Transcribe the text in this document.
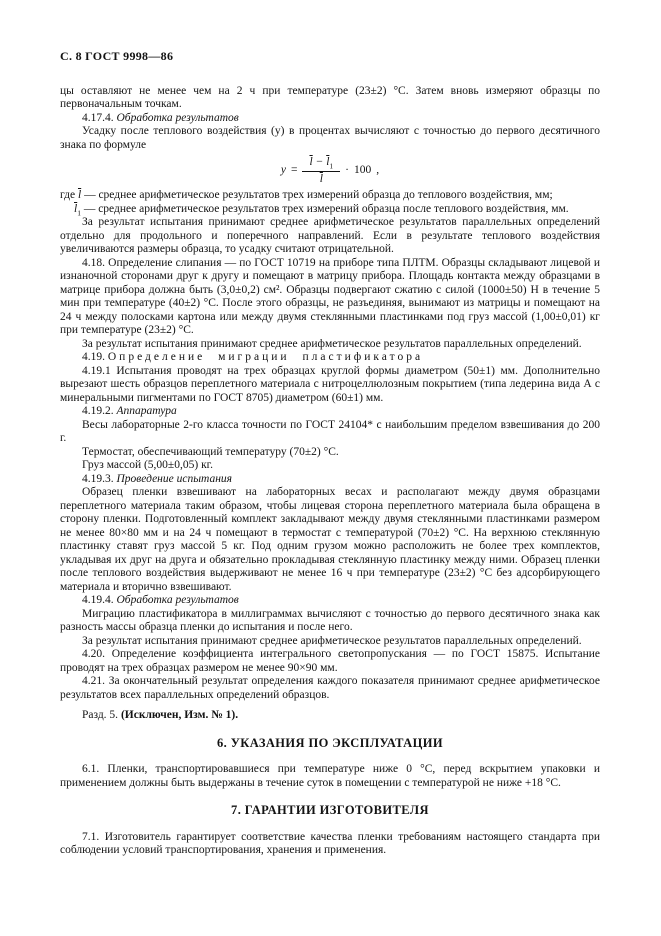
С. 8 ГОСТ 9998—86

цы оставляют не менее чем на 2 ч при температуре (23±2) °С. Затем вновь измеряют образцы по первоначальным точкам.

4.17.4. Обработка результатов

Усадку после теплового воздействия (у) в процентах вычисляют с точностью до первого десятичного знака по формуле

$y = \frac{\overline{l} - \overline{l}_1}{l} \cdot 100$ ,

где $\overline{l}$ — среднее арифметическое результатов трех измерений образца до теплового воздействия, мм;

$\overline{l}_1$ — среднее арифметическое результатов трех измерений образца после теплового воздействия, мм.

За результат испытания принимают среднее арифметическое результатов параллельных определений отдельно для продольного и поперечного направлений. Если в результате теплового воздействия увеличиваются размеры образца, то усадку считают отрицательной.

4.18. Определение слипания — по ГОСТ 10719 на приборе типа ПЛТМ. Образцы складывают лицевой и изнаночной сторонами друг к другу и помещают в матрицу прибора. Площадь контакта между образцами в матрице прибора должна быть (3,0±0,2) см². Образцы подвергают сжатию с силой (1000±50) Н в течение 5 мин при температуре (40±2) °С. После этого образцы, не разъединяя, вынимают из матрицы и помещают на 24 ч между полосками картона или между двумя стеклянными пластинками под груз массой (1,00±0,01) кг при температуре (23±2) °С.

За результат испытания принимают среднее арифметическое результатов параллельных определений.

4.19. Определение миграции пластификатора

4.19.1 Испытания проводят на трех образцах круглой формы диаметром (50±1) мм. Дополнительно вырезают шесть образцов переплетного материала с нитроцеллюлозным покрытием (типа ледерина вида А с минеральными пигментами по ГОСТ 8705) диаметром (60±1) мм.

4.19.2. Аппаратура

Весы лабораторные 2-го класса точности по ГОСТ 24104* с наибольшим пределом взвешивания до 200 г.

Термостат, обеспечивающий температуру (70±2) °С.

Груз массой (5,00±0,05) кг.

4.19.3. Проведение испытания

Образец пленки взвешивают на лабораторных весах и располагают между двумя образцами переплетного материала таким образом, чтобы лицевая сторона переплетного материала была обращена в сторону пленки. Подготовленный комплект закладывают между двумя стеклянными пластинками размером не менее 80×80 мм и на 24 ч помещают в термостат с температурой (70±2) °С. На верхнюю стеклянную пластинку ставят груз массой 5 кг. Под одним грузом можно расположить не более трех комплектов, укладывая их друг на друга и обязательно прокладывая стеклянную пластинку между ними. Образец пленки после теплового воздействия выдерживают не менее 16 ч при температуре (23±2) °С без адсорбирующего материала и вторично взвешивают.

4.19.4. Обработка результатов

Миграцию пластификатора в миллиграммах вычисляют с точностью до первого десятичного знака как разность массы образца пленки до испытания и после него.

За результат испытания принимают среднее арифметическое результатов параллельных определений.

4.20. Определение коэффициента интегрального светопропускания — по ГОСТ 15875. Испытание проводят на трех образцах размером не менее 90×90 мм.

4.21. За окончательный результат определения каждого показателя принимают среднее арифметическое результатов всех параллельных определений образцов.

Разд. 5. (Исключен, Изм. № 1).

6. УКАЗАНИЯ ПО ЭКСПЛУАТАЦИИ

6.1. Пленки, транспортировавшиеся при температуре ниже 0 °С, перед вскрытием упаковки и применением должны быть выдержаны в течение суток в помещении с температурой не ниже +18 °С.

7. ГАРАНТИИ ИЗГОТОВИТЕЛЯ

7.1. Изготовитель гарантирует соответствие качества пленки требованиям настоящего стандарта при соблюдении условий транспортирования, хранения и применения.
